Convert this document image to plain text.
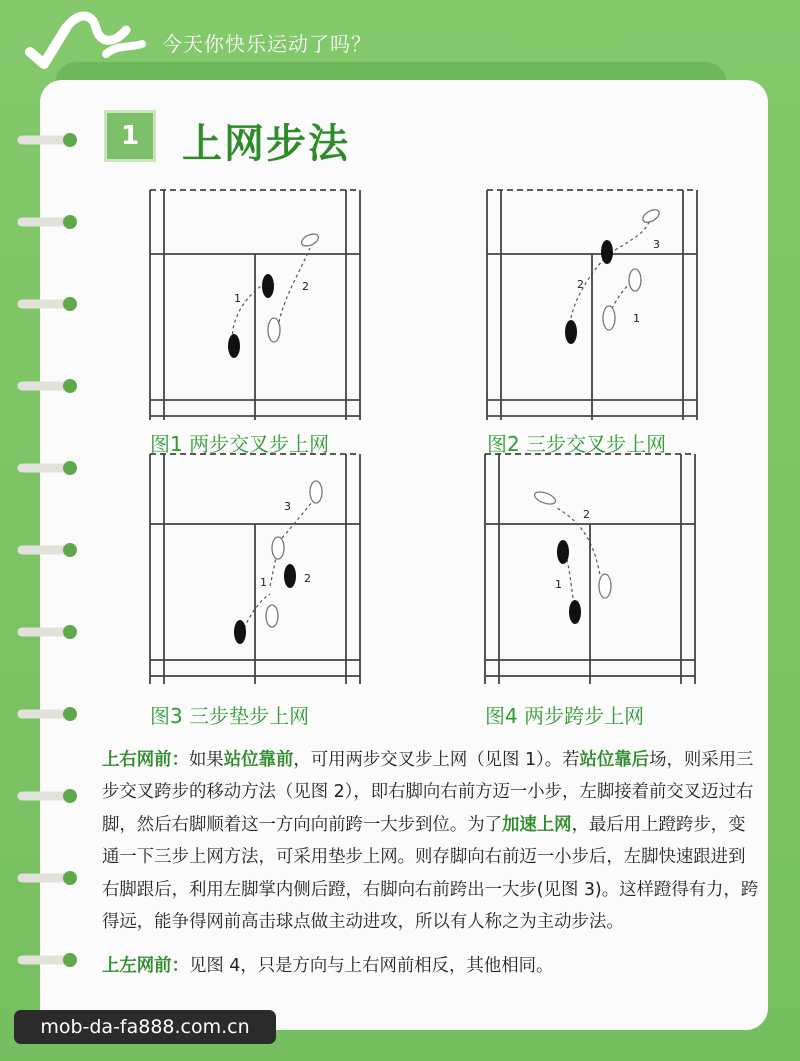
今天你快乐运动了吗？
1	上网步法
1
2
图1 两步交叉步上网
2
3
1
图2 三步交叉步上网
3
1	2
图3 三步垫步上网
2
1
图4 两步跨步上网

上右网前：如果站位靠前，可用两步交叉步上网（见图 1）。若站位靠后场，则采用三步交叉跨步的移动方法（见图 2），即右脚向右前方迈一小步，左脚接着前交叉迈过右脚，然后右脚顺着这一方向向前跨一大步到位。为了加速上网，最后用上蹬跨步，变通一下三步上网方法，可采用垫步上网。则存脚向右前迈一小步后，左脚快速跟进到右脚跟后，利用左脚掌内侧后蹬，右脚向右前跨出一大步(见图 3)。这样蹬得有力，跨得远，能争得网前高击球点做主动进攻，所以有人称之为主动步法。

上左网前：见图 4，只是方向与上右网前相反，其他相同。

mob-da-fa888.com.cn
